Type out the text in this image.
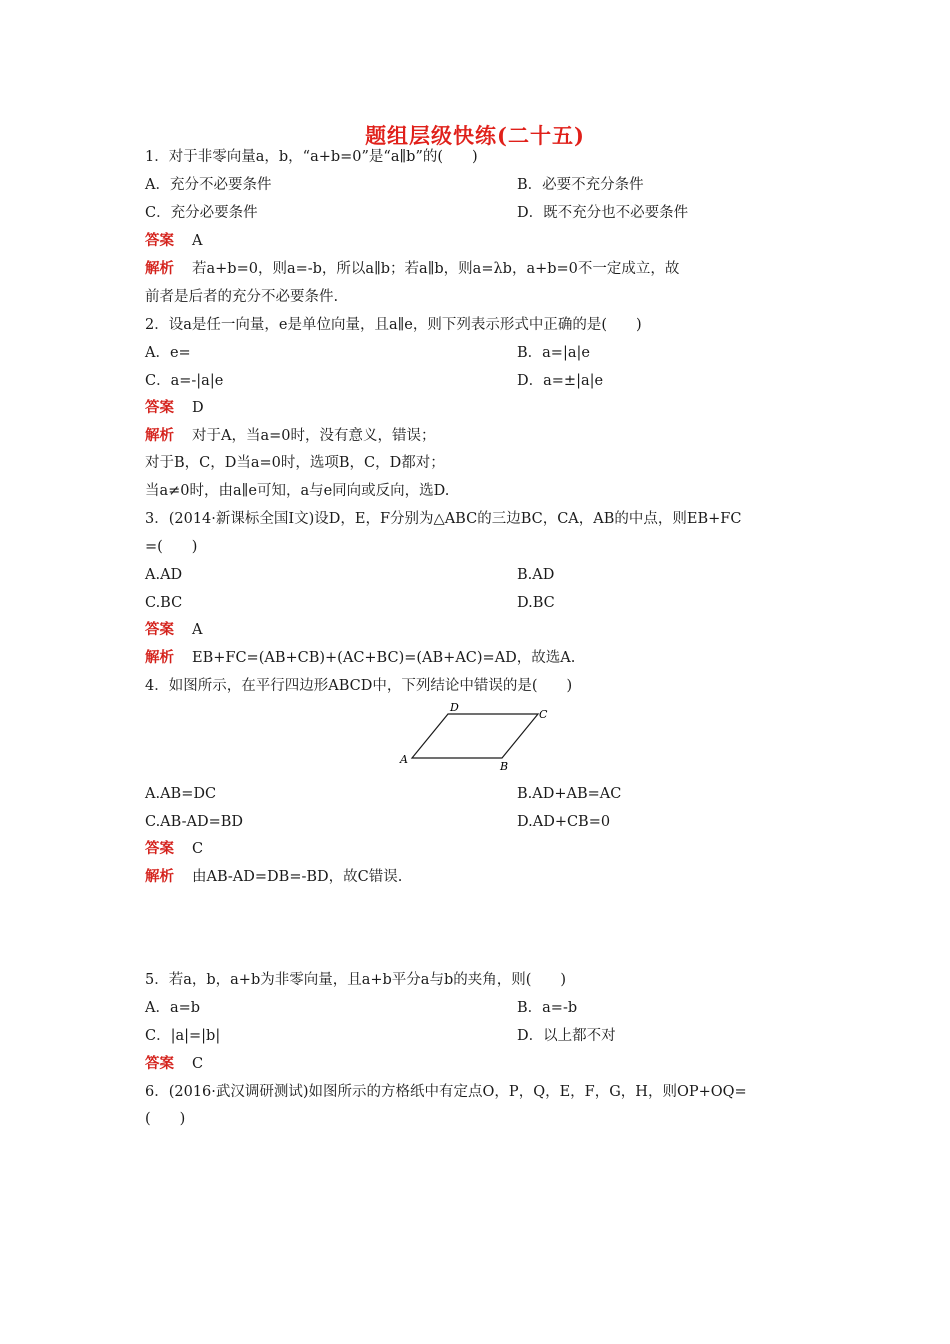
题组层级快练(二十五)
1．对于非零向量a，b，“a+b=0”是“a∥b”的(　　)
A．充分不必要条件	B．必要不充分条件
C．充分必要条件	D．既不充分也不必要条件
答案 A
解析 若a+b=0，则a=-b，所以a∥b；若a∥b，则a=λb，a+b=0不一定成立，故
前者是后者的充分不必要条件.
2．设a是任一向量，e是单位向量，且a∥e，则下列表示形式中正确的是(　　)
A．e=	B．a=|a|e
C．a=-|a|e	D．a=±|a|e
答案 D
解析 对于A，当a=0时，没有意义，错误；
对于B，C，D当a=0时，选项B，C，D都对；
当a≠0时，由a∥e可知，a与e同向或反向，选D.
3．(2014·新课标全国Ⅰ文)设D，E，F分别为△ABC的三边BC，CA，AB的中点，则EB+FC
=(　　)
A.AD	B.AD
C.BC	D.BC
答案 A
解析 EB+FC=(AB+CB)+(AC+BC)=(AB+AC)=AD，故选A.
4．如图所示，在平行四边形ABCD中，下列结论中错误的是(　　)
A
B
C
D
A.AB=DC	B.AD+AB=AC
C.AB-AD=BD	D.AD+CB=0
答案 C
解析 由AB-AD=DB=-BD，故C错误.
5．若a，b，a+b为非零向量，且a+b平分a与b的夹角，则(　　)
A．a=b	B．a=-b
C．|a|=|b|	D．以上都不对
答案 C
6．(2016·武汉调研测试)如图所示的方格纸中有定点O，P，Q，E，F，G，H，则OP+OQ=
(　　)
